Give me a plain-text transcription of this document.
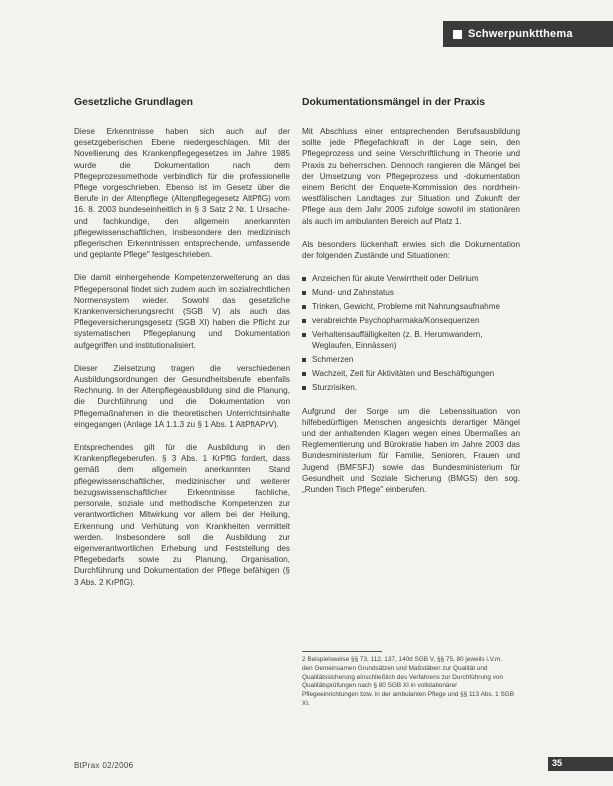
Schwerpunktthema
Gesetzliche Grundlagen

Diese Erkenntnisse haben sich auch auf der gesetzgeberischen Ebene niedergeschlagen. Mit der Novellierung des Krankenpflegegesetzes im Jahre 1985 wurde die Dokumentation nach dem Pflegeprozessmethode verbindlich für die professionelle Pflege vorgeschrieben. Ebenso ist im Gesetz über die Berufe in der Altenpflege (Altenpflegegesetz AltPflG) vom 16. 8. 2003 bundeseinheitlich in § 3 Satz 2 Nr. 1 Ursache- und fachkundige, den allgemein anerkannten pflegewissenschaftlichen, insbesondere den medizinisch pflegerischen Erkenntnissen entsprechende, umfassende und geplante Pflege" festgeschrieben.

Die damit einhergehende Kompetenzerweiterung an das Pflegepersonal findet sich zudem auch im sozialrechtlichen Normensystem wieder. Sowohl das gesetzliche Krankenversicherungsrecht (SGB V) als auch das Pflegeversicherungsgesetz (SGB XI) haben die Pflicht zur systematischen Pflegeplanung und Dokumentation aufgegriffen und institutionalisiert.

Dieser Zielsetzung tragen die verschiedenen Ausbildungsordnungen der Gesundheitsberufe ebenfalls Rechnung. In der Altenpflegeausbildung sind die Planung, die Durchführung und die Dokumentation von Pflegemaßnahmen in die theoretischen Unterrichtsinhalte eingegangen (Anlage 1A 1.1.3 zu § 1 Abs. 1 AltPflAPrV).

Entsprechendes gilt für die Ausbildung in den Krankenpflegeberufen. § 3 Abs. 1 KrPflG fordert, dass gemäß dem allgemein anerkannten Stand pflegewissenschaftlicher, medizinischer und weiterer bezugswissenschaftlicher Erkenntnisse fachliche, personale, soziale und methodische Kompetenzen zur verantwortlichen Mitwirkung vor allem bei der Heilung, Erkennung und Verhütung von Krankheiten vermittelt werden. Insbesondere soll die Ausbildung zur eigenverantwortlichen Erhebung und Feststellung des Pflegebedarfs sowie zu Planung, Organisation, Durchführung und Dokumentation der Pflege befähigen (§ 3 Abs. 2 KrPflG).

Dokumentationsmängel in der Praxis

Mit Abschluss einer entsprechenden Berufsausbildung sollte jede Pflegefachkraft in der Lage sein, den Pflegeprozess und seine Verschriftlichung in Theorie und Praxis zu beherrschen. Dennoch rangieren die Mängel bei der Umsetzung von Pflegeprozess und -dokumentation einem Bericht der Enquete-Kommission des nordrhein-westfälischen Landtages zur Situation und Zukunft der Pflege aus dem Jahr 2005 zufolge sowohl im stationären als auch im ambulanten Bereich auf Platz 1.

Als besonders lückenhaft erwies sich die Dokumentation der folgenden Zustände und Situationen:

Anzeichen für akute Verwirrtheit oder Delirium
Mund- und Zahnstatus
Trinken, Gewicht, Probleme mit Nahrungsaufnahme
verabreichte Psychopharmaka/Konsequenzen
Verhaltensauffälligkeiten (z. B. Herumwandern, Weglaufen, Einnässen)
Schmerzen
Wachzeit, Zeit für Aktivitäten und Beschäftigungen
Sturzrisiken.

Aufgrund der Sorge um die Lebenssituation von hilfebedürftigen Menschen angesichts derartiger Mängel und der anhaltenden Klagen wegen eines Übermaßes an Reglementierung und Bürokratie haben im Jahre 2003 das Bundesministerium für Familie, Senioren, Frauen und Jugend (BMFSFJ) sowie das Bundesministerium für Gesundheit und Soziale Sicherung (BMGS) den sog. „Runden Tisch Pflege" einberufen.

2 Beispielsweise §§ 73, 112, 137, 140d SGB V, §§ 75, 80 jeweils i.V.m. den Gemeinsamen Grundsätzen und Maßstäben zur Qualität und Qualitätssicherung einschließlich des Verfahrens zur Durchführung von Qualitätsprüfungen nach § 80 SGB XI in vollstationärer Pflegeeinrichtungen bzw. in der ambulanten Pflege und §§ 113 Abs. 1 SGB XI.
BtPrax 02/2006	35
